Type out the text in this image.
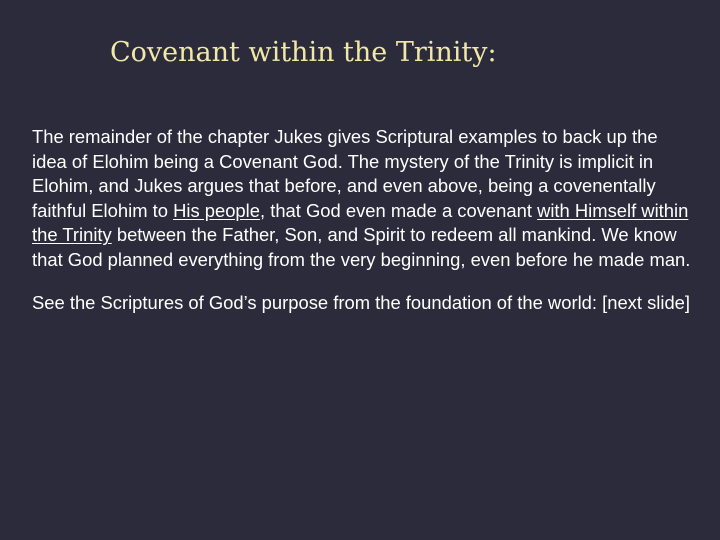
Covenant within the Trinity:

The remainder of the chapter Jukes gives Scriptural examples to back up the idea of Elohim being a Covenant God. The mystery of the Trinity is implicit in Elohim, and Jukes argues that before, and even above, being a covenentally faithful Elohim to His people, that God even made a covenant with Himself within the Trinity between the Father, Son, and Spirit to redeem all mankind. We know that God planned everything from the very beginning, even before he made man.

See the Scriptures of God’s purpose from the foundation of the world: [next slide]
